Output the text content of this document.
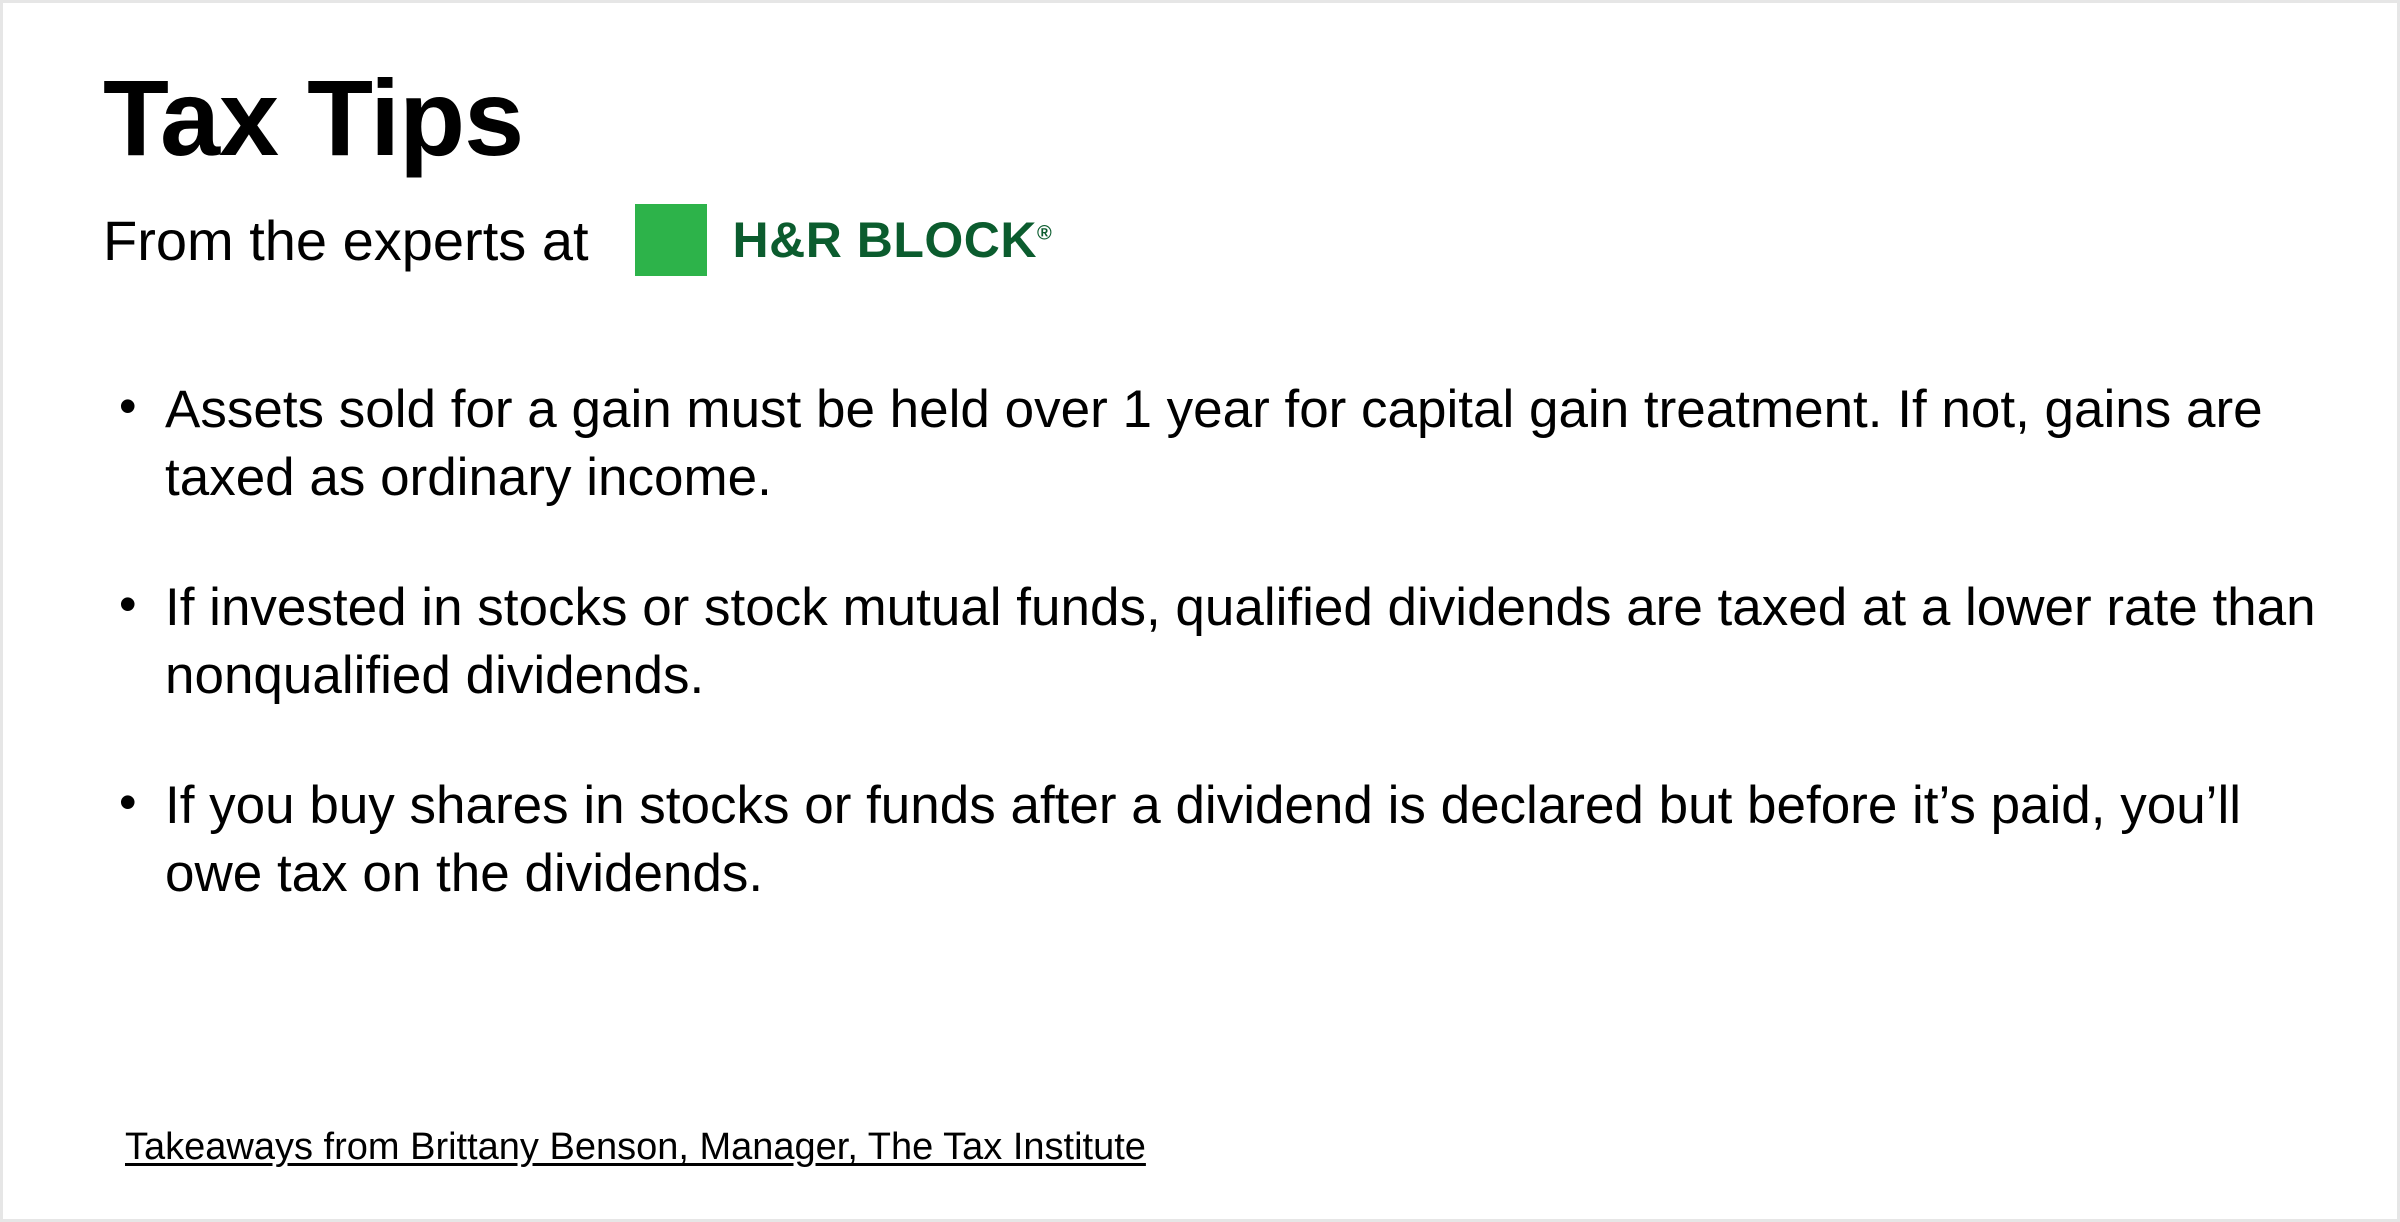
Tax Tips
From the experts at	H&R BLOCK®
• Assets sold for a gain must be held over 1 year for capital gain treatment. If not, gains are taxed as ordinary income.
• If invested in stocks or stock mutual funds, qualified dividends are taxed at a lower rate than nonqualified dividends.
• If you buy shares in stocks or funds after a dividend is declared but before it’s paid, you’ll owe tax on the dividends.
Takeaways from Brittany Benson, Manager, The Tax Institute
